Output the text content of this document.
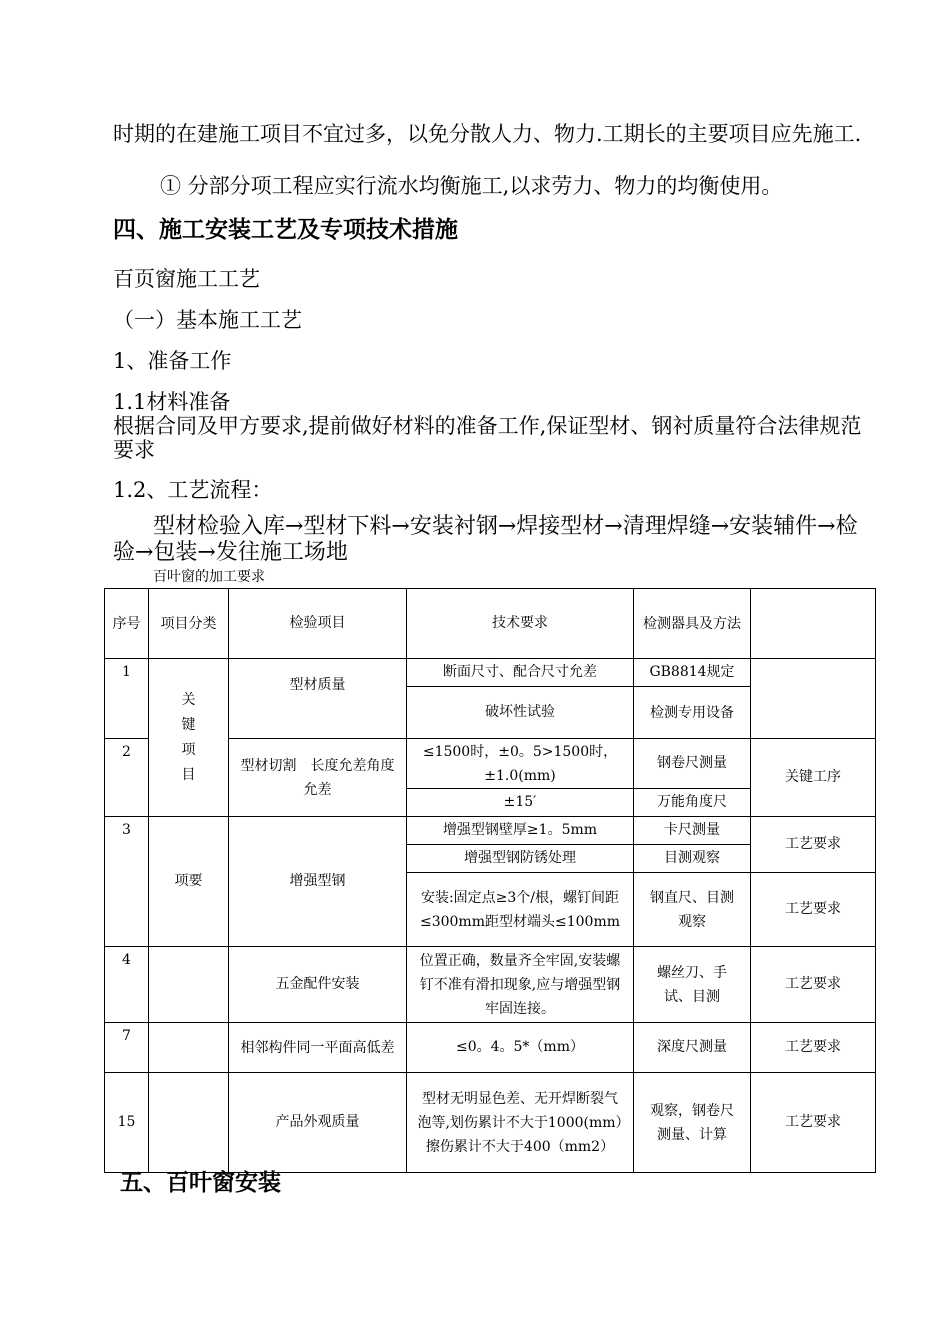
时期的在建施工项目不宜过多，以免分散人力、物力.工期长的主要项目应先施工.

① 分部分项工程应实行流水均衡施工,以求劳力、物力的均衡使用。

四、施工安装工艺及专项技术措施

百页窗施工工艺

（一）基本施工工艺

1、准备工作

1.1材料准备

根据合同及甲方要求,提前做好材料的准备工作,保证型材、钢衬质量符合法律规范要求

1.2、工艺流程：

型材检验入库→型材下料→安装衬钢→焊接型材→清理焊缝→安装辅件→检验→包装→发往施工场地

百叶窗的加工要求
序号	项目分类	检验项目	技术要求	检测器具及方法	
1	关键项目	型材质量	断面尺寸、配合尺寸允差	GB8814规定	
			破坏性试验	检测专用设备	
2		型材切割　长度允差角度允差	≤1500时，±0。5>1500时，±1.0(mm)	钢卷尺测量	关键工序
			±15′	万能角度尺	
3	项要	增强型钢	增强型钢壁厚≥1。5mm	卡尺测量	工艺要求
			增强型钢防锈处理	目测观察	
			安装:固定点≥3个/根，螺钉间距≤300mm距型材端头≤100mm	钢直尺、目测观察	工艺要求
4		五金配件安装	位置正确，数量齐全牢固,安装螺钉不准有滑扣现象,应与增强型钢牢固连接。	螺丝刀、手试、目测	工艺要求
7		相邻构件同一平面高低差	≤0。4。5*（mm）	深度尺测量	工艺要求
15		产品外观质量	型材无明显色差、无开焊断裂气泡等,划伤累计不大于1000(mm）擦伤累计不大于400（mm2）	观察，钢卷尺测量、计算	工艺要求

五、百叶窗安装
